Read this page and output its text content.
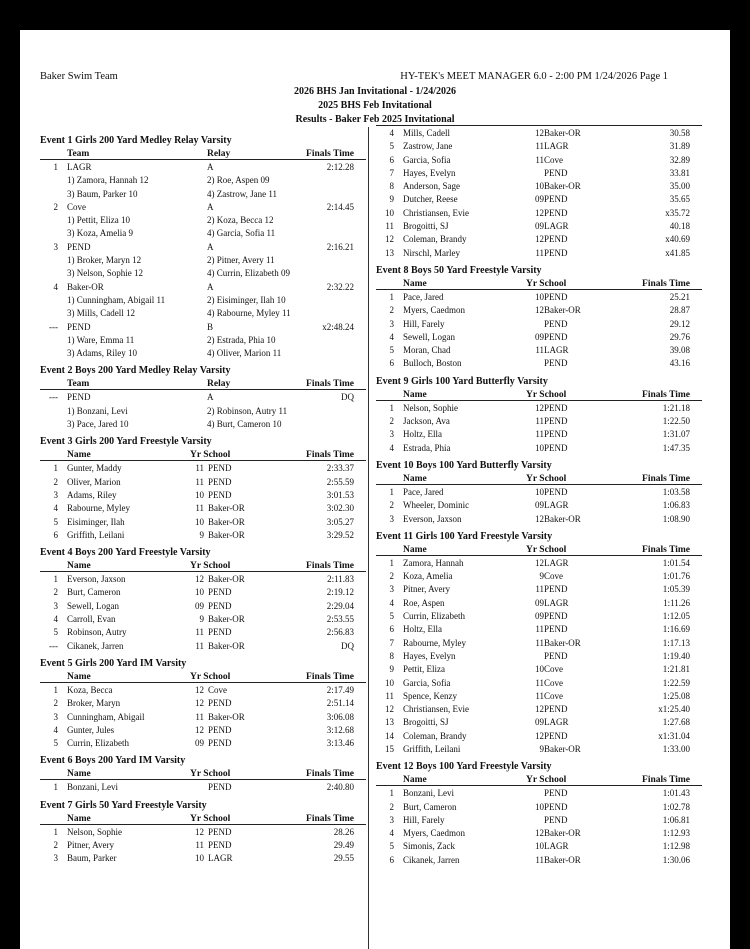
Baker Swim Team	HY-TEK's MEET MANAGER 6.0 - 2:00 PM 1/24/2026 Page 1
2026 BHS Jan Invitational - 1/24/2026
2025 BHS Feb Invitational
Results - Baker Feb 2025 Invitational
Event 1 Girls 200 Yard Medley Relay Varsity
Team	Relay	Finals Time
1 LAGR	A	2:12.28
1) Zamora, Hannah 12	2) Roe, Aspen 09
3) Baum, Parker 10	4) Zastrow, Jane 11
2 Cove	A	2:14.45
1) Pettit, Eliza 10	2) Koza, Becca 12
3) Koza, Amelia 9	4) Garcia, Sofia 11
3 PEND	A	2:16.21
1) Broker, Maryn 12	2) Pitner, Avery 11
3) Nelson, Sophie 12	4) Currin, Elizabeth 09
4 Baker-OR	A	2:32.22
1) Cunningham, Abigail 11	2) Eisiminger, Ilah 10
3) Mills, Cadell 12	4) Rabourne, Myley 11
--- PEND	B	x2:48.24
1) Ware, Emma 11	2) Estrada, Phia 10
3) Adams, Riley 10	4) Oliver, Marion 11
Event 2 Boys 200 Yard Medley Relay Varsity
Team	Relay	Finals Time
--- PEND	A	DQ
1) Bonzani, Levi	2) Robinson, Autry 11
3) Pace, Jared 10	4) Burt, Cameron 10
Event 3 Girls 200 Yard Freestyle Varsity
Name	Yr School	Finals Time
1 Gunter, Maddy	11 PEND	2:33.37
2 Oliver, Marion	11 PEND	2:55.59
3 Adams, Riley	10 PEND	3:01.53
4 Rabourne, Myley	11 Baker-OR	3:02.30
5 Eisiminger, Ilah	10 Baker-OR	3:05.27
6 Griffith, Leilani	9 Baker-OR	3:29.52
Event 4 Boys 200 Yard Freestyle Varsity
Name	Yr School	Finals Time
1 Everson, Jaxson	12 Baker-OR	2:11.83
2 Burt, Cameron	10 PEND	2:19.12
3 Sewell, Logan	09 PEND	2:29.04
4 Carroll, Evan	9 Baker-OR	2:53.55
5 Robinson, Autry	11 PEND	2:56.83
--- Cikanek, Jarren	11 Baker-OR	DQ
Event 5 Girls 200 Yard IM Varsity
Name	Yr School	Finals Time
1 Koza, Becca	12 Cove	2:17.49
2 Broker, Maryn	12 PEND	2:51.14
3 Cunningham, Abigail	11 Baker-OR	3:06.08
4 Gunter, Jules	12 PEND	3:12.68
5 Currin, Elizabeth	09 PEND	3:13.46
Event 6 Boys 200 Yard IM Varsity
Name	Yr School	Finals Time
1 Bonzani, Levi	PEND	2:40.80
Event 7 Girls 50 Yard Freestyle Varsity
Name	Yr School	Finals Time
1 Nelson, Sophie	12 PEND	28.26
2 Pitner, Avery	11 PEND	29.49
3 Baum, Parker	10 LAGR	29.55
4 Mills, Cadell	12 Baker-OR	30.58
5 Zastrow, Jane	11 LAGR	31.89
6 Garcia, Sofia	11 Cove	32.89
7 Hayes, Evelyn	PEND	33.81
8 Anderson, Sage	10 Baker-OR	35.00
9 Dutcher, Reese	09 PEND	35.65
10 Christiansen, Evie	12 PEND	x35.72
11 Brogoitti, SJ	09 LAGR	40.18
12 Coleman, Brandy	12 PEND	x40.69
13 Nirschl, Marley	11 PEND	x41.85
Event 8 Boys 50 Yard Freestyle Varsity
Name	Yr School	Finals Time
1 Pace, Jared	10 PEND	25.21
2 Myers, Caedmon	12 Baker-OR	28.87
3 Hill, Farely	PEND	29.12
4 Sewell, Logan	09 PEND	29.76
5 Moran, Chad	11 LAGR	39.08
6 Bulloch, Boston	PEND	43.16
Event 9 Girls 100 Yard Butterfly Varsity
Name	Yr School	Finals Time
1 Nelson, Sophie	12 PEND	1:21.18
2 Jackson, Ava	11 PEND	1:22.50
3 Holtz, Ella	11 PEND	1:31.07
4 Estrada, Phia	10 PEND	1:47.35
Event 10 Boys 100 Yard Butterfly Varsity
Name	Yr School	Finals Time
1 Pace, Jared	10 PEND	1:03.58
2 Wheeler, Dominic	09 LAGR	1:06.83
3 Everson, Jaxson	12 Baker-OR	1:08.90
Event 11 Girls 100 Yard Freestyle Varsity
Name	Yr School	Finals Time
1 Zamora, Hannah	12 LAGR	1:01.54
2 Koza, Amelia	9 Cove	1:01.76
3 Pitner, Avery	11 PEND	1:05.39
4 Roe, Aspen	09 LAGR	1:11.26
5 Currin, Elizabeth	09 PEND	1:12.05
6 Holtz, Ella	11 PEND	1:16.69
7 Rabourne, Myley	11 Baker-OR	1:17.13
8 Hayes, Evelyn	PEND	1:19.40
9 Pettit, Eliza	10 Cove	1:21.81
10 Garcia, Sofia	11 Cove	1:22.59
11 Spence, Kenzy	11 Cove	1:25.08
12 Christiansen, Evie	12 PEND	x1:25.40
13 Brogoitti, SJ	09 LAGR	1:27.68
14 Coleman, Brandy	12 PEND	x1:31.04
15 Griffith, Leilani	9 Baker-OR	1:33.00
Event 12 Boys 100 Yard Freestyle Varsity
Name	Yr School	Finals Time
1 Bonzani, Levi	PEND	1:01.43
2 Burt, Cameron	10 PEND	1:02.78
3 Hill, Farely	PEND	1:06.81
4 Myers, Caedmon	12 Baker-OR	1:12.93
5 Simonis, Zack	10 LAGR	1:12.98
6 Cikanek, Jarren	11 Baker-OR	1:30.06
